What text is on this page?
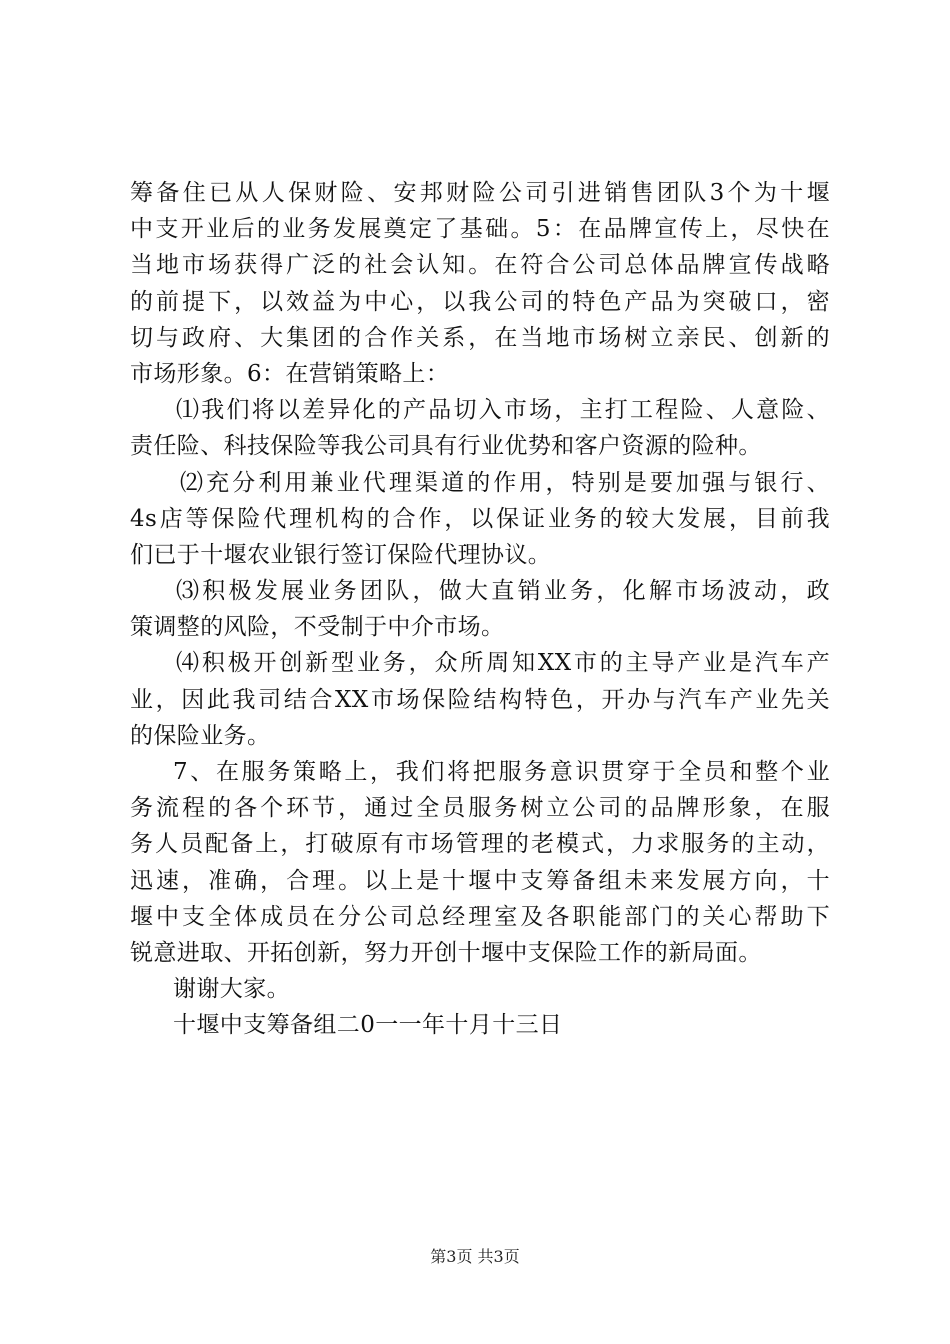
筹备住已从人保财险、安邦财险公司引进销售团队3个为十堰
中支开业后的业务发展奠定了基础。5：在品牌宣传上，尽快在
当地市场获得广泛的社会认知。在符合公司总体品牌宣传战略
的前提下，以效益为中心，以我公司的特色产品为突破口，密
切与政府、大集团的合作关系，在当地市场树立亲民、创新的
市场形象。6：在营销策略上：
⑴我们将以差异化的产品切入市场，主打工程险、人意险、
责任险、科技保险等我公司具有行业优势和客户资源的险种。
⑵充分利用兼业代理渠道的作用，特别是要加强与银行、
4s店等保险代理机构的合作，以保证业务的较大发展，目前我
们已于十堰农业银行签订保险代理协议。
⑶积极发展业务团队，做大直销业务，化解市场波动，政
策调整的风险，不受制于中介市场。
⑷积极开创新型业务，众所周知XX市的主导产业是汽车产
业，因此我司结合XX市场保险结构特色，开办与汽车产业先关
的保险业务。
7、在服务策略上，我们将把服务意识贯穿于全员和整个业
务流程的各个环节，通过全员服务树立公司的品牌形象，在服
务人员配备上，打破原有市场管理的老模式，力求服务的主动，
迅速，准确，合理。以上是十堰中支筹备组未来发展方向，十
堰中支全体成员在分公司总经理室及各职能部门的关心帮助下
锐意进取、开拓创新，努力开创十堰中支保险工作的新局面。
谢谢大家。
十堰中支筹备组二0一一年十月十三日
第3页 共3页
